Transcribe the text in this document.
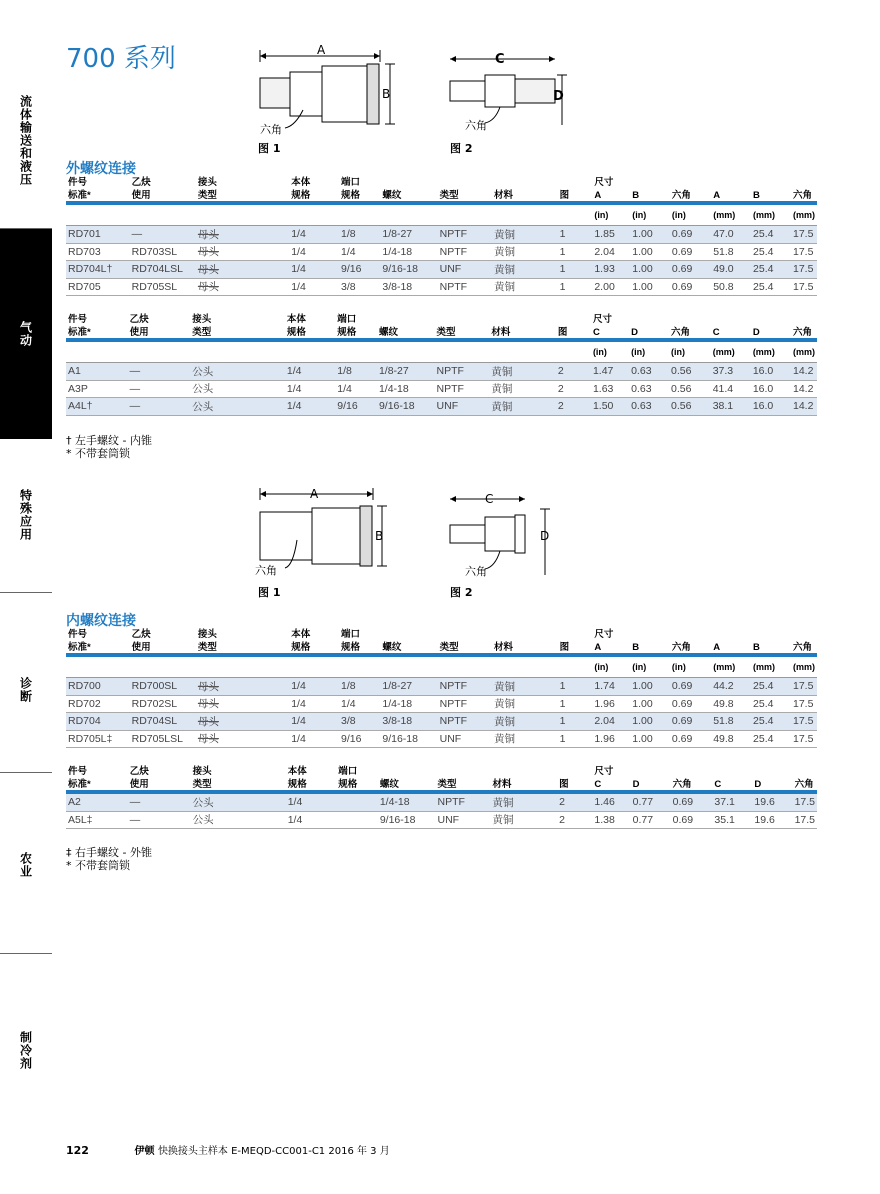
流体输送和液压
气动
特殊应用
诊断
农业
制冷剂
700 系列
B
A
六角
图 1
C
D
六角
图 2
外螺纹连接
件号	乙炔	接头	本体	端口					尺寸					
标准*	使用	类型	规格	规格	螺纹	类型	材料	图	A	B	六角	A	B	六角
									(in)	(in)	(in)	(mm)	(mm)	(mm)
RD701	—	母头	1/4	1/8	1/8-27	NPTF	黄铜	1	1.85	1.00	0.69	47.0	25.4	17.5
RD703	RD703SL	母头	1/4	1/4	1/4-18	NPTF	黄铜	1	2.04	1.00	0.69	51.8	25.4	17.5
RD704L†	RD704LSL	母头	1/4	9/16	9/16-18	UNF	黄铜	1	1.93	1.00	0.69	49.0	25.4	17.5
RD705	RD705SL	母头	1/4	3/8	3/8-18	NPTF	黄铜	1	2.00	1.00	0.69	50.8	25.4	17.5
件号	乙炔	接头	本体	端口					尺寸					
标准*	使用	类型	规格	规格	螺纹	类型	材料	图	C	D	六角	C	D	六角
									(in)	(in)	(in)	(mm)	(mm)	(mm)
A1	—	公头	1/4	1/8	1/8-27	NPTF	黄铜	2	1.47	0.63	0.56	37.3	16.0	14.2
A3P	—	公头	1/4	1/4	1/4-18	NPTF	黄铜	2	1.63	0.63	0.56	41.4	16.0	14.2
A4L†	—	公头	1/4	9/16	9/16-18	UNF	黄铜	2	1.50	0.63	0.56	38.1	16.0	14.2
† 左手螺纹 - 内锥
* 不带套筒锁
A
B
六角
图 1
C
D
六角
图 2
内螺纹连接
件号	乙炔	接头	本体	端口					尺寸					
标准*	使用	类型	规格	规格	螺纹	类型	材料	图	A	B	六角	A	B	六角
									(in)	(in)	(in)	(mm)	(mm)	(mm)
RD700	RD700SL	母头	1/4	1/8	1/8-27	NPTF	黄铜	1	1.74	1.00	0.69	44.2	25.4	17.5
RD702	RD702SL	母头	1/4	1/4	1/4-18	NPTF	黄铜	1	1.96	1.00	0.69	49.8	25.4	17.5
RD704	RD704SL	母头	1/4	3/8	3/8-18	NPTF	黄铜	1	2.04	1.00	0.69	51.8	25.4	17.5
RD705L‡	RD705LSL	母头	1/4	9/16	9/16-18	UNF	黄铜	1	1.96	1.00	0.69	49.8	25.4	17.5
件号	乙炔	接头	本体	端口					尺寸					
标准*	使用	类型	规格	规格	螺纹	类型	材料	图	C	D	六角	C	D	六角
A2	—	公头	1/4		1/4-18	NPTF	黄铜	2	1.46	0.77	0.69	37.1	19.6	17.5
A5L‡	—	公头	1/4		9/16-18	UNF	黄铜	2	1.38	0.77	0.69	35.1	19.6	17.5
‡ 右手螺纹 - 外锥
* 不带套筒锁
122	伊顿 快换接头主样本 E-MEQD-CC001-C1 2016 年 3 月
